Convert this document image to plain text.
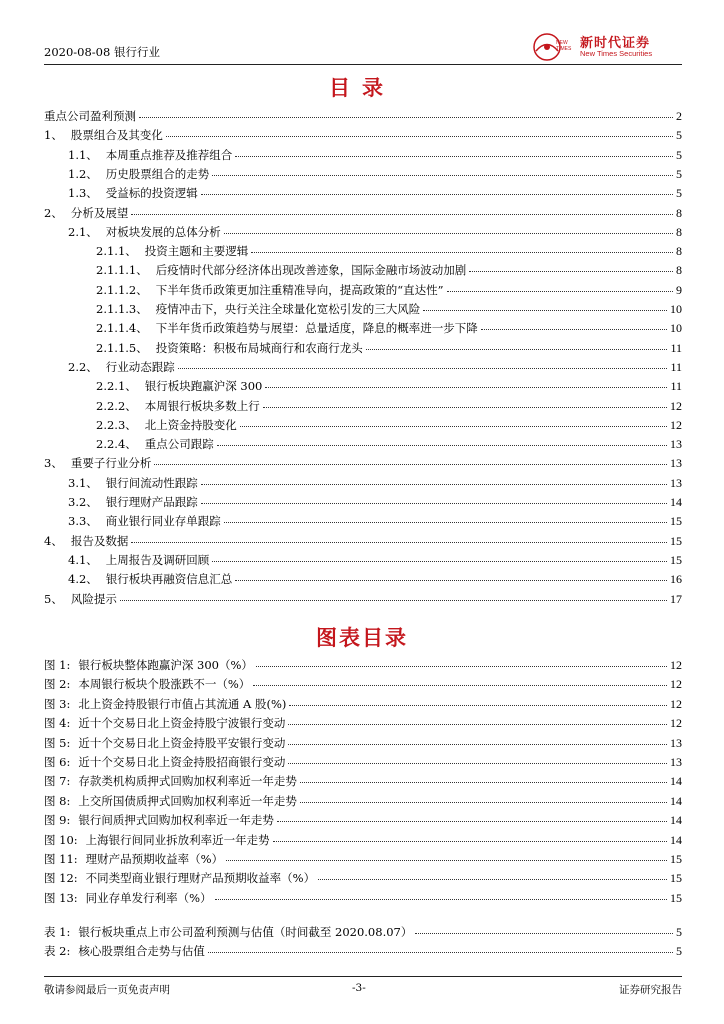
2020-08-08 银行行业
NEW TIMES 新时代证券
New Times Securities
目录
重点公司盈利预测	2
1、 股票组合及其变化	5
1.1、 本周重点推荐及推荐组合	5
1.2、 历史股票组合的走势	5
1.3、 受益标的投资逻辑	5
2、 分析及展望	8
2.1、 对板块发展的总体分析	8
2.1.1、 投资主题和主要逻辑	8
2.1.1.1、 后疫情时代部分经济体出现改善迹象，国际金融市场波动加剧	8
2.1.1.2、 下半年货币政策更加注重精准导向，提高政策的“直达性”	9
2.1.1.3、 疫情冲击下，央行关注全球量化宽松引发的三大风险	10
2.1.1.4、 下半年货币政策趋势与展望：总量适度，降息的概率进一步下降	10
2.1.1.5、 投资策略：积极布局城商行和农商行龙头	11
2.2、 行业动态跟踪	11
2.2.1、 银行板块跑赢沪深 300	11
2.2.2、 本周银行板块多数上行	12
2.2.3、 北上资金持股变化	12
2.2.4、 重点公司跟踪	13
3、 重要子行业分析	13
3.1、 银行间流动性跟踪	13
3.2、 银行理财产品跟踪	14
3.3、 商业银行同业存单跟踪	15
4、 报告及数据	15
4.1、 上周报告及调研回顾	15
4.2、 银行板块再融资信息汇总	16
5、 风险提示	17
图表目录
图 1: 银行板块整体跑赢沪深 300（%）	12
图 2: 本周银行板块个股涨跌不一（%）	12
图 3: 北上资金持股银行市值占其流通 A 股(%)	12
图 4: 近十个交易日北上资金持股宁波银行变动	12
图 5: 近十个交易日北上资金持股平安银行变动	13
图 6: 近十个交易日北上资金持股招商银行变动	13
图 7: 存款类机构质押式回购加权利率近一年走势	14
图 8: 上交所国债质押式回购加权利率近一年走势	14
图 9: 银行间质押式回购加权利率近一年走势	14
图 10: 上海银行间同业拆放利率近一年走势	14
图 11: 理财产品预期收益率（%）	15
图 12: 不同类型商业银行理财产品预期收益率（%）	15
图 13: 同业存单发行利率（%）	15
表 1: 银行板块重点上市公司盈利预测与估值（时间截至 2020.08.07）	5
表 2: 核心股票组合走势与估值	5
敬请参阅最后一页免责声明	-3-	证券研究报告
